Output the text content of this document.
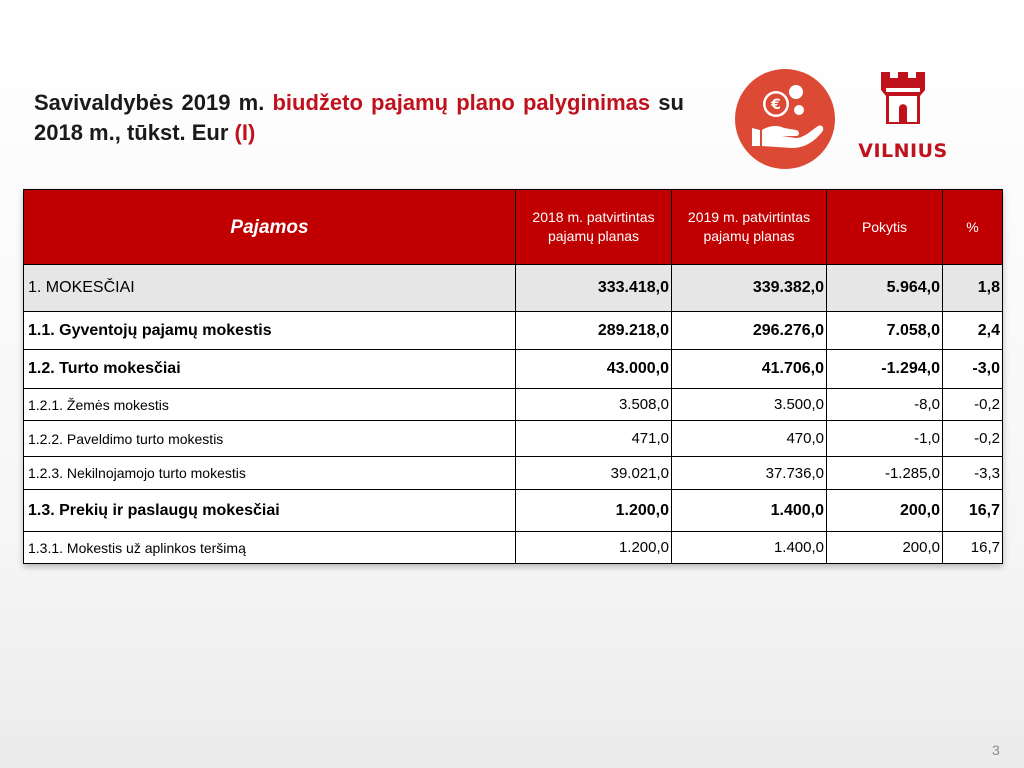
Savivaldybės 2019 m. biudžeto pajamų plano palyginimas su 2018 m., tūkst. Eur (I)
€
VILNIUS
Pajamos	2018 m. patvirtintas pajamų planas	2019 m. patvirtintas pajamų planas	Pokytis	%
1. MOKESČIAI	333.418,0	339.382,0	5.964,0	1,8
1.1. Gyventojų pajamų mokestis	289.218,0	296.276,0	7.058,0	2,4
1.2. Turto mokesčiai	43.000,0	41.706,0	-1.294,0	-3,0
1.2.1. Žemės mokestis	3.508,0	3.500,0	-8,0	-0,2
1.2.2. Paveldimo turto mokestis	471,0	470,0	-1,0	-0,2
1.2.3. Nekilnojamojo turto mokestis	39.021,0	37.736,0	-1.285,0	-3,3
1.3. Prekių ir paslaugų mokesčiai	1.200,0	1.400,0	200,0	16,7
1.3.1. Mokestis už aplinkos teršimą	1.200,0	1.400,0	200,0	16,7
3
